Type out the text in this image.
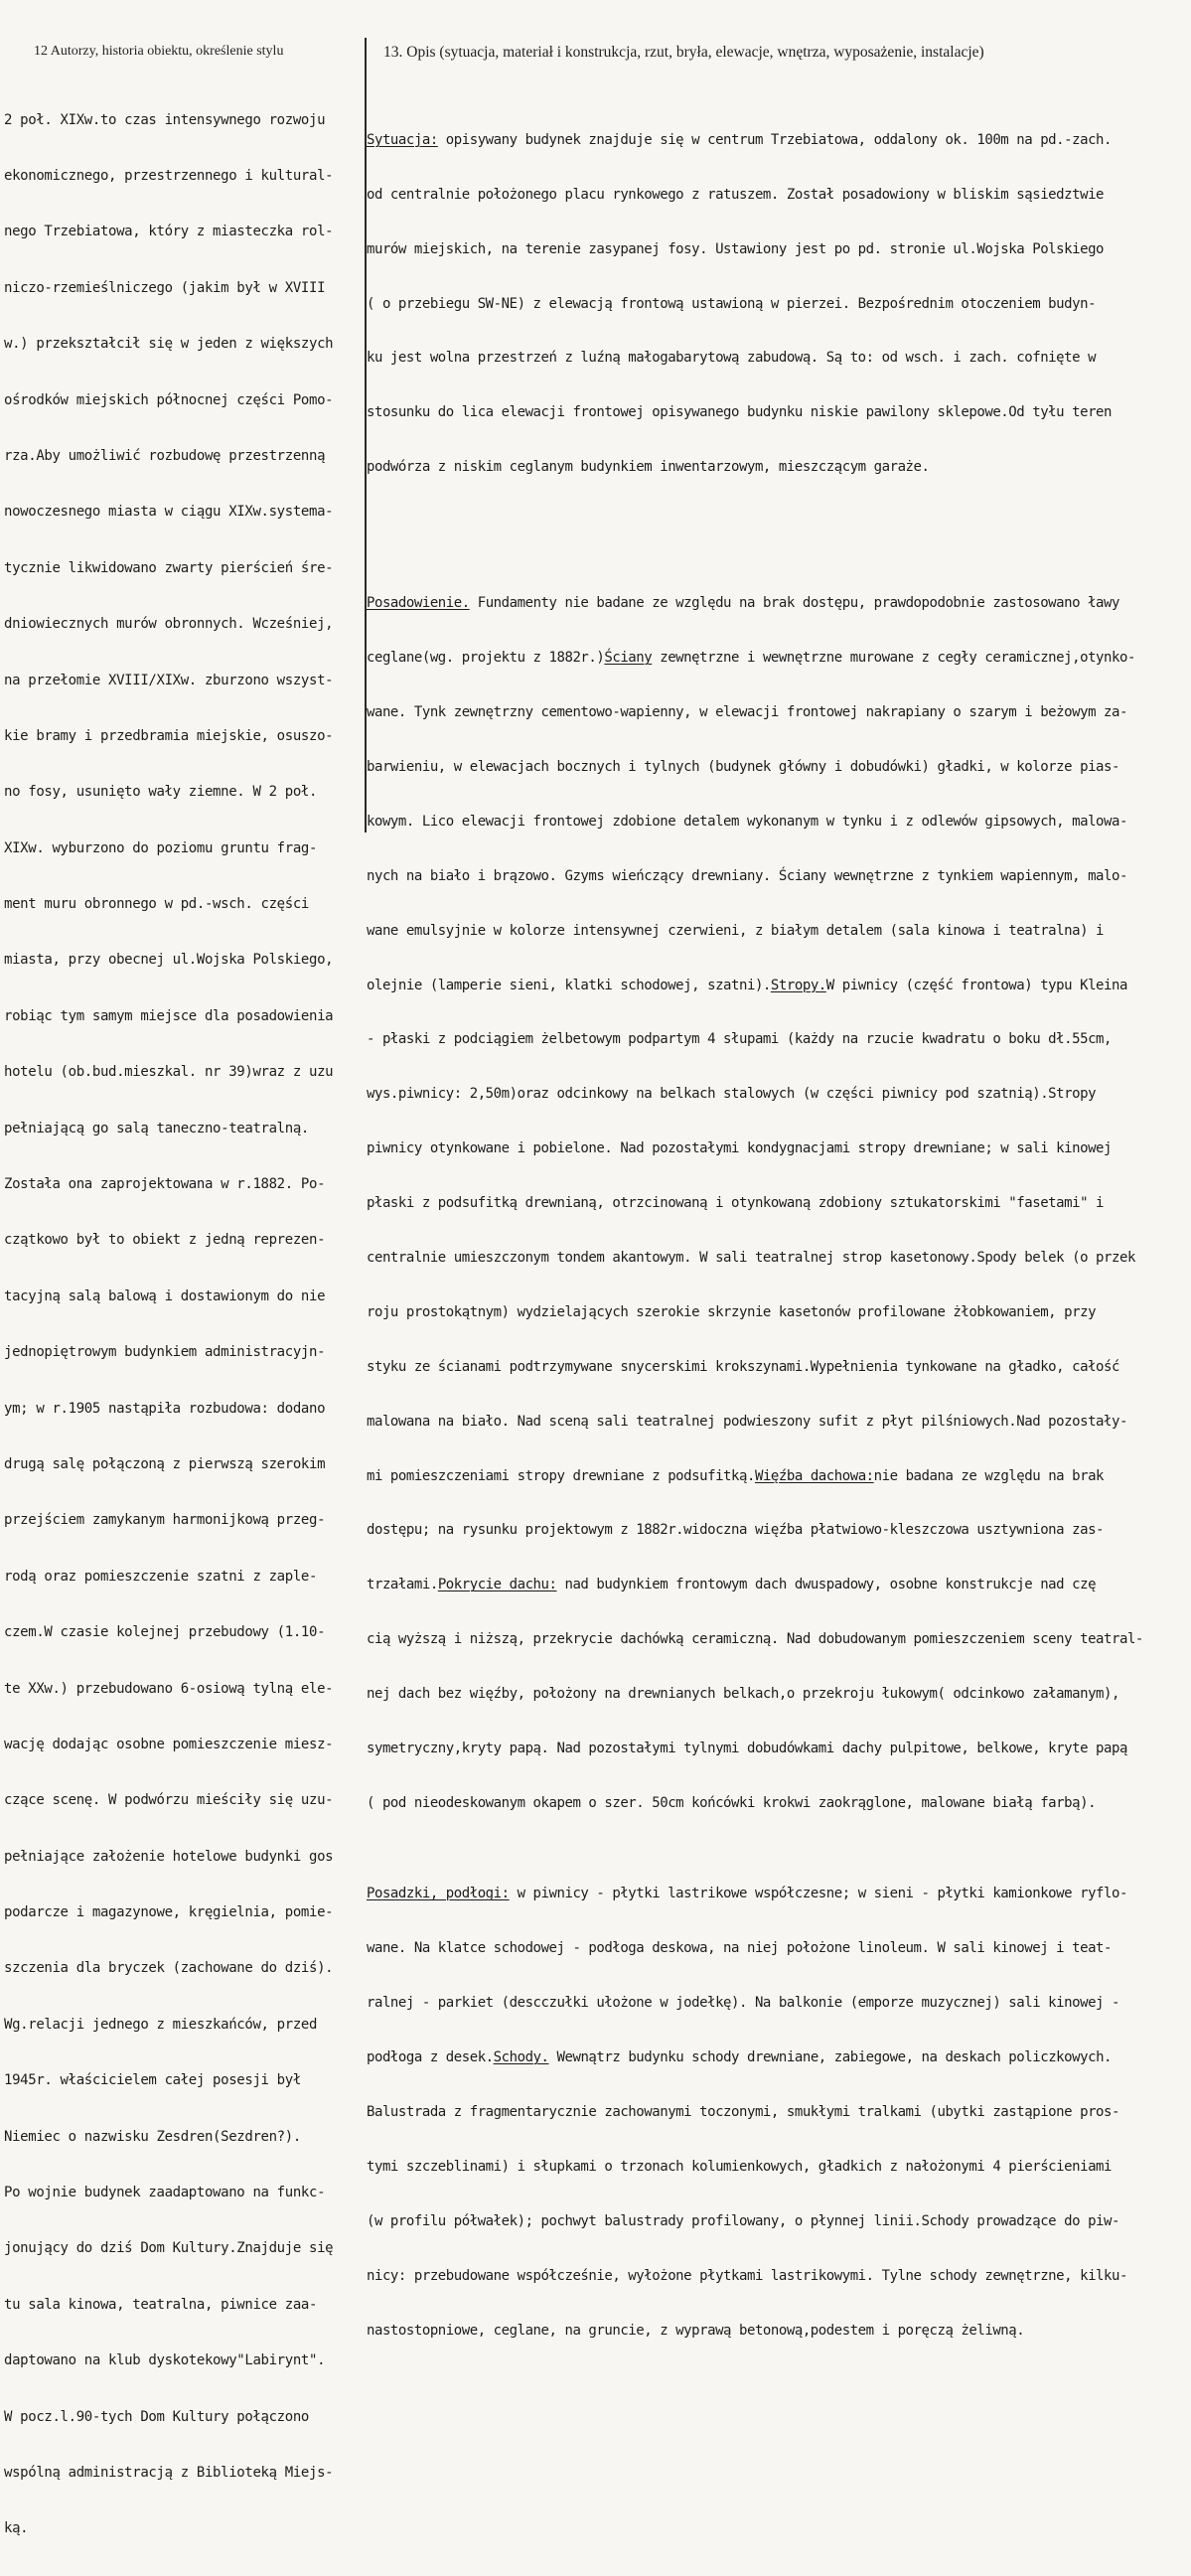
12 Autorzy, historia obiektu, określenie stylu	13. Opis (sytuacja, materiał i konstrukcja, rzut, bryła, elewacje, wnętrza, wyposażenie, instalacje)

2 poł. XIXw.to czas intensywnego rozwoju

ekonomicznego, przestrzennego i kultural-

nego Trzebiatowa, który z miasteczka rol-

niczo-rzemieślniczego (jakim był w XVIII

w.) przekształcił się w jeden z większych

ośrodków miejskich północnej części Pomo-

rza.Aby umożliwić rozbudowę przestrzenną

nowoczesnego miasta w ciągu XIXw.systema-

tycznie likwidowano zwarty pierścień śre-

dniowiecznych murów obronnych. Wcześniej,

na przełomie XVIII/XIXw. zburzono wszyst-

kie bramy i przedbramia miejskie, osuszo-

no fosy, usunięto wały ziemne. W 2 poł.

XIXw. wyburzono do poziomu gruntu frag-

ment muru obronnego w pd.-wsch. części

miasta, przy obecnej ul.Wojska Polskiego,

robiąc tym samym miejsce dla posadowienia

hotelu (ob.bud.mieszkal. nr 39)wraz z uzu

pełniającą go salą taneczno-teatralną.

Została ona zaprojektowana w r.1882. Po-

czątkowo był to obiekt z jedną reprezen-

tacyjną salą balową i dostawionym do nie

jednopiętrowym budynkiem administracyjn-

ym; w r.1905 nastąpiła rozbudowa: dodano

drugą salę połączoną z pierwszą szerokim

przejściem zamykanym harmonijkową przeg-

rodą oraz pomieszczenie szatni z zaple-

czem.W czasie kolejnej przebudowy (1.10-

te XXw.) przebudowano 6-osiową tylną ele-

wację dodając osobne pomieszczenie miesz-

czące scenę. W podwórzu mieściły się uzu-

pełniające założenie hotelowe budynki gos

podarcze i magazynowe, kręgielnia, pomie-

szczenia dla bryczek (zachowane do dziś).

Wg.relacji jednego z mieszkańców, przed

1945r. właścicielem całej posesji był

Niemiec o nazwisku Zesdren(Sezdren?).

Po wojnie budynek zaadaptowano na funkc-

jonujący do dziś Dom Kultury.Znajduje się

tu sala kinowa, teatralna, piwnice zaa-

daptowano na klub dyskotekowy"Labirynt".

W pocz.l.90-tych Dom Kultury połączono

wspólną administracją z Biblioteką Miejs-

ką.

Sytuacja: opisywany budynek znajduje się w centrum Trzebiatowa, oddalony ok. 100m na pd.-zach.

od centralnie położonego placu rynkowego z ratuszem. Został posadowiony w bliskim sąsiedztwie

murów miejskich, na terenie zasypanej fosy. Ustawiony jest po pd. stronie ul.Wojska Polskiego

( o przebiegu SW-NE) z elewacją frontową ustawioną w pierzei. Bezpośrednim otoczeniem budyn-

ku jest wolna przestrzeń z luźną małogabarytową zabudową. Są to: od wsch. i zach. cofnięte w

stosunku do lica elewacji frontowej opisywanego budynku niskie pawilony sklepowe.Od tyłu teren

podwórza z niskim ceglanym budynkiem inwentarzowym, mieszczącym garaże.

Posadowienie. Fundamenty nie badane ze względu na brak dostępu, prawdopodobnie zastosowano ławy

ceglane(wg. projektu z 1882r.)Ściany zewnętrzne i wewnętrzne murowane z cegły ceramicznej,otynko-

wane. Tynk zewnętrzny cementowo-wapienny, w elewacji frontowej nakrapiany o szarym i beżowym za-

barwieniu, w elewacjach bocznych i tylnych (budynek główny i dobudówki) gładki, w kolorze pias-

kowym. Lico elewacji frontowej zdobione detalem wykonanym w tynku i z odlewów gipsowych, malowa-

nych na biało i brązowo. Gzyms wieńczący drewniany. Ściany wewnętrzne z tynkiem wapiennym, malo-

wane emulsyjnie w kolorze intensywnej czerwieni, z białym detalem (sala kinowa i teatralna) i

olejnie (lamperie sieni, klatki schodowej, szatni).Stropy.W piwnicy (część frontowa) typu Kleina

- płaski z podciągiem żelbetowym podpartym 4 słupami (każdy na rzucie kwadratu o boku dł.55cm,

wys.piwnicy: 2,50m)oraz odcinkowy na belkach stalowych (w części piwnicy pod szatnią).Stropy

piwnicy otynkowane i pobielone. Nad pozostałymi kondygnacjami stropy drewniane; w sali kinowej

płaski z podsufitką drewnianą, otrzcinowaną i otynkowaną zdobiony sztukatorskimi "fasetami" i

centralnie umieszczonym tondem akantowym. W sali teatralnej strop kasetonowy.Spody belek (o przek

roju prostokątnym) wydzielających szerokie skrzynie kasetonów profilowane żłobkowaniem, przy

styku ze ścianami podtrzymywane snycerskimi krokszynami.Wypełnienia tynkowane na gładko, całość

malowana na biało. Nad sceną sali teatralnej podwieszony sufit z płyt pilśniowych.Nad pozostały-

mi pomieszczeniami stropy drewniane z podsufitką.Więźba dachowa:nie badana ze względu na brak

dostępu; na rysunku projektowym z 1882r.widoczna więźba płatwiowo-kleszczowa usztywniona zas-

trzałami.Pokrycie dachu: nad budynkiem frontowym dach dwuspadowy, osobne konstrukcje nad czę

cią wyższą i niższą, przekrycie dachówką ceramiczną. Nad dobudowanym pomieszczeniem sceny teatral-

nej dach bez więźby, położony na drewnianych belkach,o przekroju łukowym( odcinkowo załamanym),

symetryczny,kryty papą. Nad pozostałymi tylnymi dobudówkami dachy pulpitowe, belkowe, kryte papą

( pod nieodeskowanym okapem o szer. 50cm końcówki krokwi zaokrąglone, malowane białą farbą).

Posadzki, podłogi: w piwnicy - płytki lastrikowe współczesne; w sieni - płytki kamionkowe ryflo-

wane. Na klatce schodowej - podłoga deskowa, na niej położone linoleum. W sali kinowej i teat-

ralnej - parkiet (descczułki ułożone w jodełkę). Na balkonie (emporze muzycznej) sali kinowej -

podłoga z desek.Schody. Wewnątrz budynku schody drewniane, zabiegowe, na deskach policzkowych.

Balustrada z fragmentarycznie zachowanymi toczonymi, smukłymi tralkami (ubytki zastąpione pros-

tymi szczeblinami) i słupkami o trzonach kolumienkowych, gładkich z nałożonymi 4 pierścieniami

(w profilu półwałek); pochwyt balustrady profilowany, o płynnej linii.Schody prowadzące do piw-

nicy: przebudowane współcześnie, wyłożone płytkami lastrikowymi. Tylne schody zewnętrzne, kilku-

nastostopniowe, ceglane, na gruncie, z wyprawą betonową,podestem i poręczą żeliwną.
